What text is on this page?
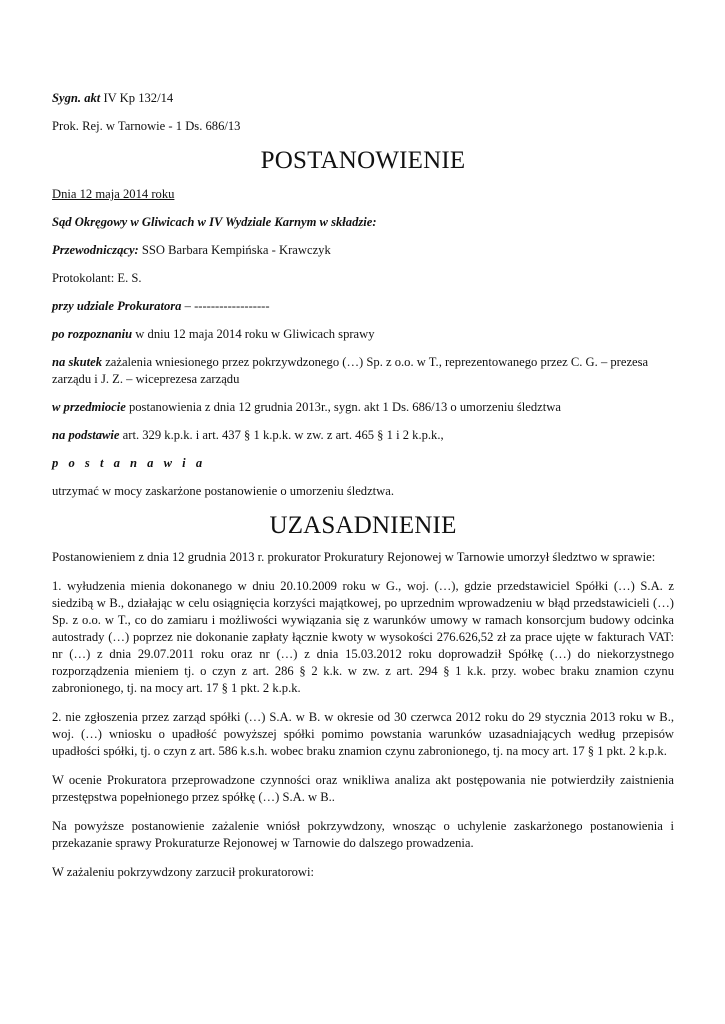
Sygn. akt IV Kp 132/14
Prok. Rej. w Tarnowie - 1 Ds. 686/13
POSTANOWIENIE
Dnia 12 maja 2014 roku
Sąd Okręgowy w Gliwicach w IV Wydziale Karnym w składzie:
Przewodniczący: SSO Barbara Kempińska - Krawczyk
Protokolant: E. S.
przy udziale Prokuratora – ------------------
po rozpoznaniu w dniu 12 maja 2014 roku w Gliwicach sprawy
na skutek zażalenia wniesionego przez pokrzywdzonego (…) Sp. z o.o. w T., reprezentowanego przez C. G. – prezesa zarządu i J. Z. – wiceprezesa zarządu
w przedmiocie postanowienia z dnia 12 grudnia 2013r., sygn. akt 1 Ds. 686/13 o umorzeniu śledztwa
na podstawie art. 329 k.p.k. i art. 437 § 1 k.p.k. w zw. z art. 465 § 1 i 2 k.p.k.,
p o s t a n a w i a
utrzymać w mocy zaskarżone postanowienie o umorzeniu śledztwa.
UZASADNIENIE
Postanowieniem z dnia 12 grudnia 2013 r. prokurator Prokuratury Rejonowej w Tarnowie umorzył śledztwo w sprawie:
1. wyłudzenia mienia dokonanego w dniu 20.10.2009 roku w G., woj. (…), gdzie przedstawiciel Spółki (…) S.A. z siedzibą w B., działając w celu osiągnięcia korzyści majątkowej, po uprzednim wprowadzeniu w błąd przedstawicieli (…) Sp. z o.o. w T., co do zamiaru i możliwości wywiązania się z warunków umowy w ramach konsorcjum budowy odcinka autostrady (…) poprzez nie dokonanie zapłaty łącznie kwoty w wysokości 276.626,52 zł za prace ujęte w fakturach VAT: nr (…) z dnia 29.07.2011 roku oraz nr (…) z dnia 15.03.2012 roku doprowadził Spółkę (…) do niekorzystnego rozporządzenia mieniem tj. o czyn z art. 286 § 2 k.k. w zw. z art. 294 § 1 k.k. przy. wobec braku znamion czynu zabronionego, tj. na mocy art. 17 § 1 pkt. 2 k.p.k.
2. nie zgłoszenia przez zarząd spółki (…) S.A. w B. w okresie od 30 czerwca 2012 roku do 29 stycznia 2013 roku w B., woj. (…) wniosku o upadłość powyższej spółki pomimo powstania warunków uzasadniających według przepisów upadłości spółki, tj. o czyn z art. 586 k.s.h. wobec braku znamion czynu zabronionego, tj. na mocy art. 17 § 1 pkt. 2 k.p.k.
W ocenie Prokuratora przeprowadzone czynności oraz wnikliwa analiza akt postępowania nie potwierdziły zaistnienia przestępstwa popełnionego przez spółkę (…) S.A. w B..
Na powyższe postanowienie zażalenie wniósł pokrzywdzony, wnosząc o uchylenie zaskarżonego postanowienia i przekazanie sprawy Prokuraturze Rejonowej w Tarnowie do dalszego prowadzenia.
W zażaleniu pokrzywdzony zarzucił prokuratorowi:
